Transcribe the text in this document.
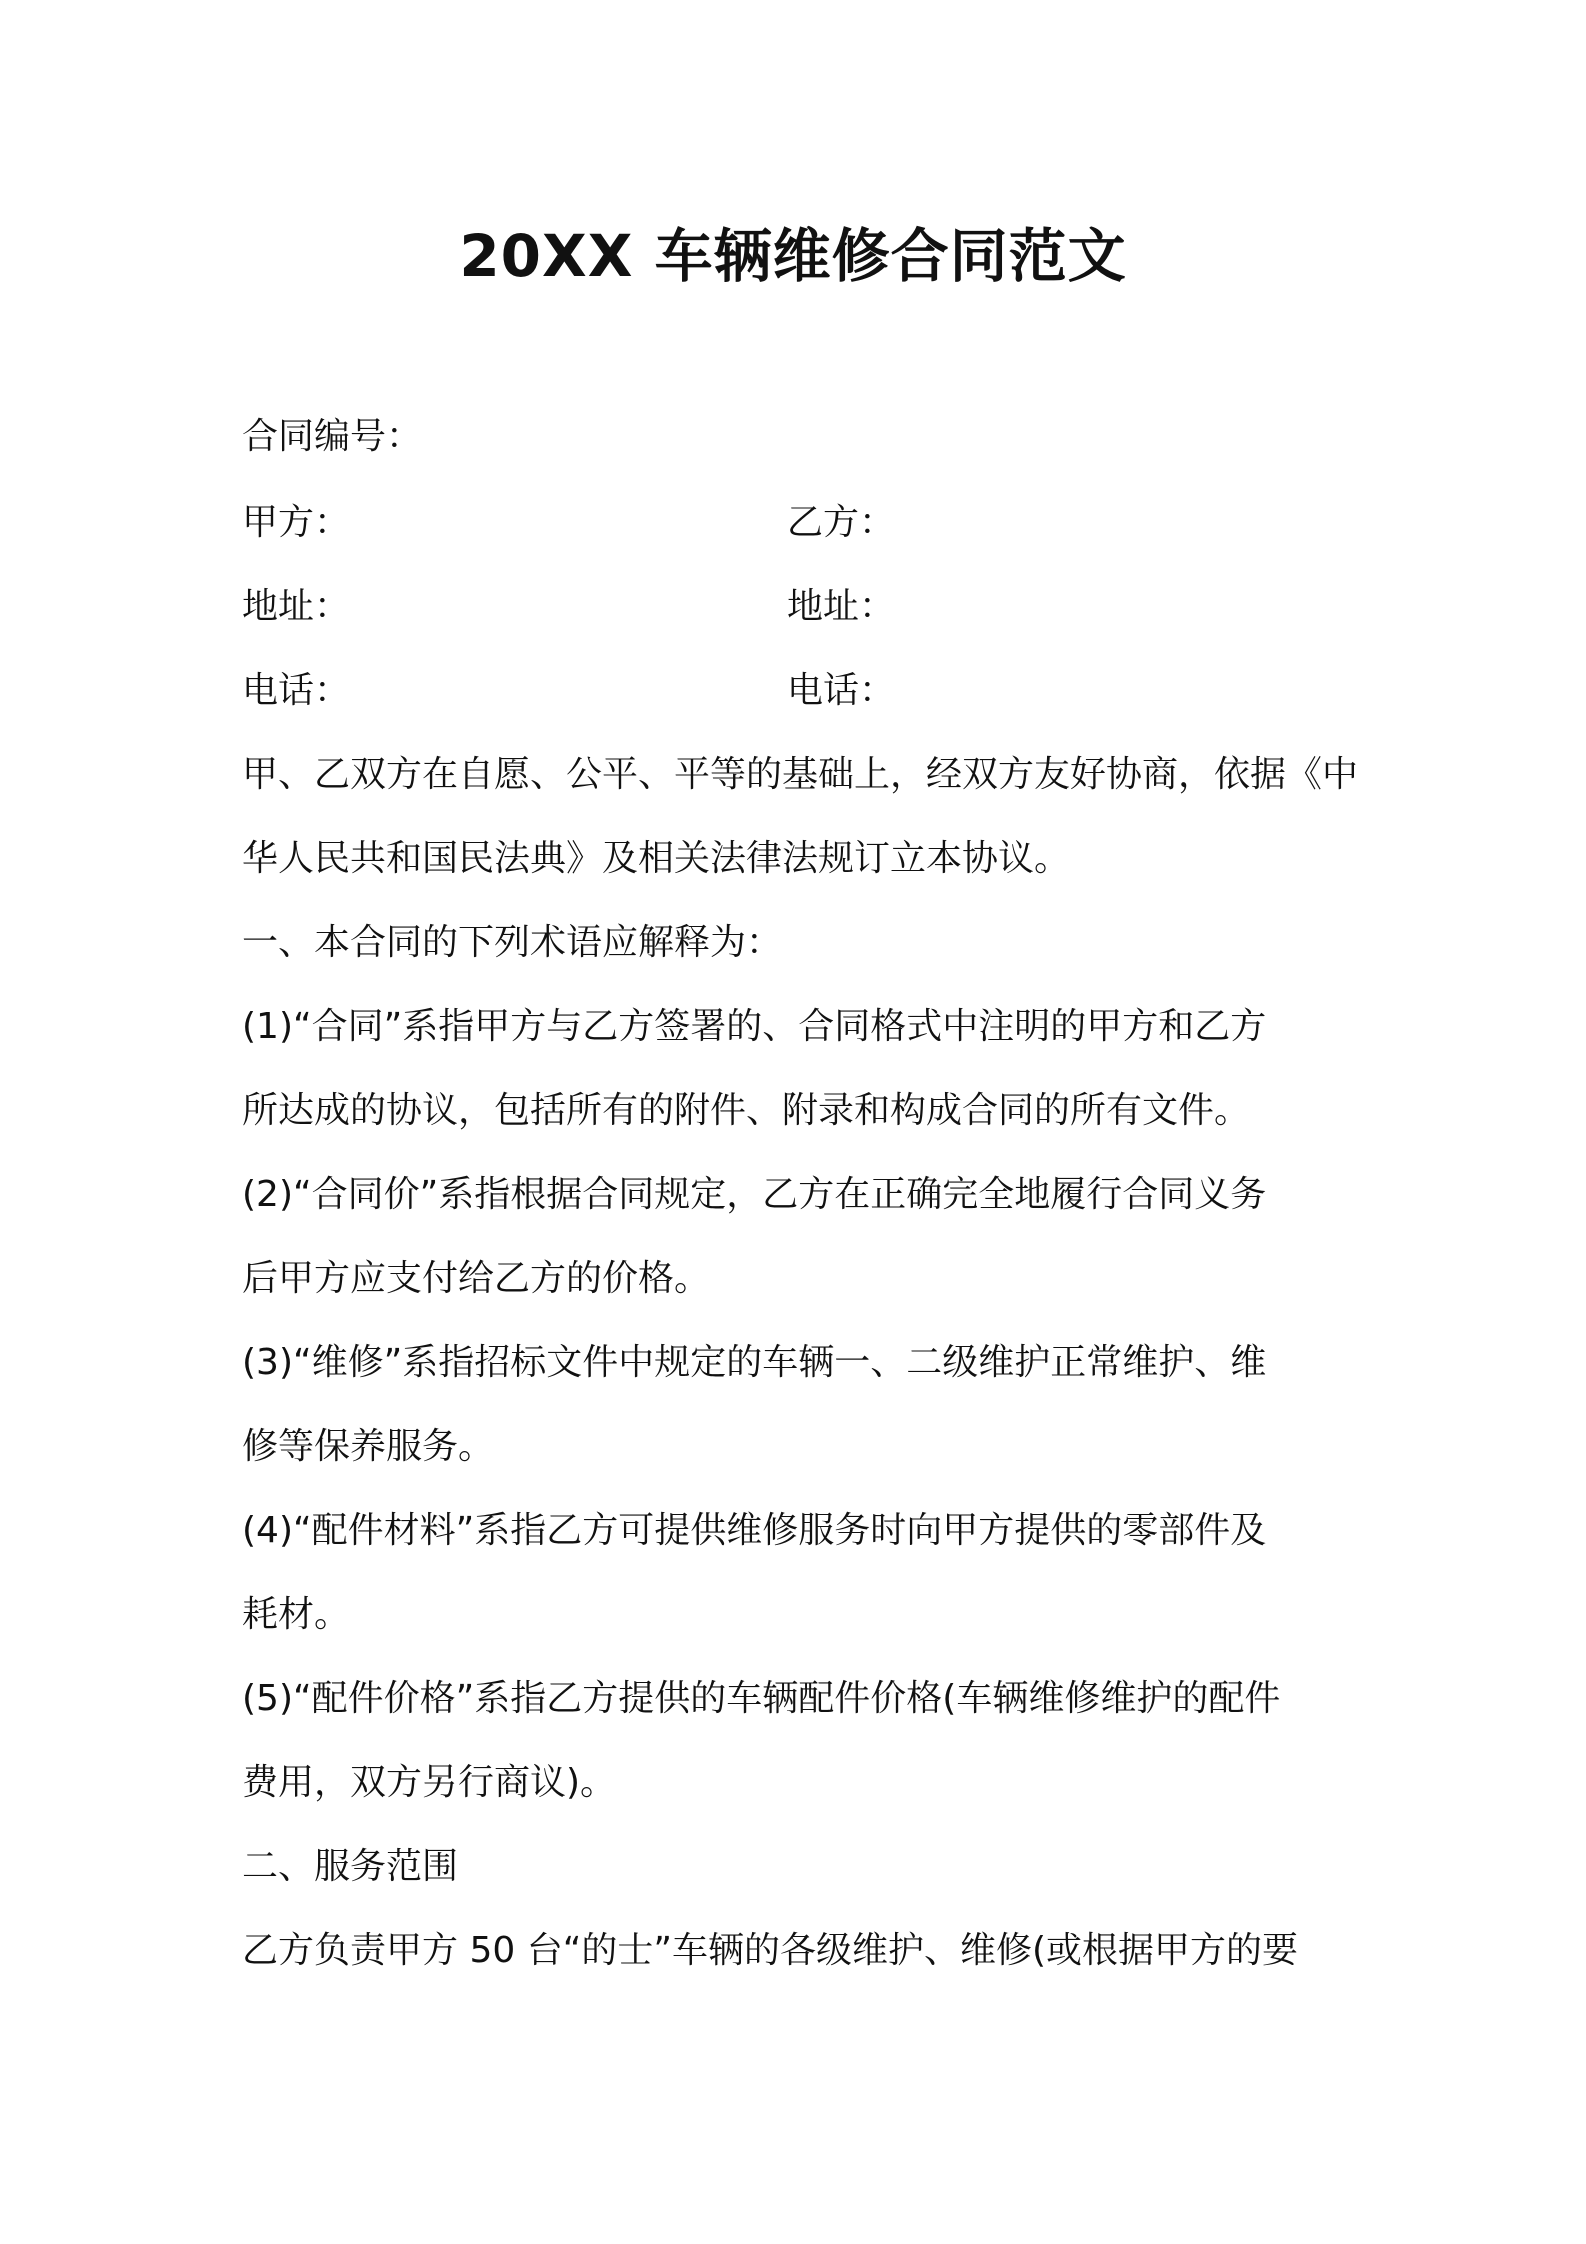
20XX 车辆维修合同范文
合同编号：
甲方：	乙方：
地址：	地址：
电话：	电话：
甲、乙双方在自愿、公平、平等的基础上，经双方友好协商，依据《中
华人民共和国民法典》及相关法律法规订立本协议。
一、本合同的下列术语应解释为：
(1)“合同”系指甲方与乙方签署的、合同格式中注明的甲方和乙方
所达成的协议，包括所有的附件、附录和构成合同的所有文件。
(2)“合同价”系指根据合同规定，乙方在正确完全地履行合同义务
后甲方应支付给乙方的价格。
(3)“维修”系指招标文件中规定的车辆一、二级维护正常维护、维
修等保养服务。
(4)“配件材料”系指乙方可提供维修服务时向甲方提供的零部件及
耗材。
(5)“配件价格”系指乙方提供的车辆配件价格(车辆维修维护的配件
费用，双方另行商议)。
二、服务范围
乙方负责甲方 50 台“的士”车辆的各级维护、维修(或根据甲方的要
